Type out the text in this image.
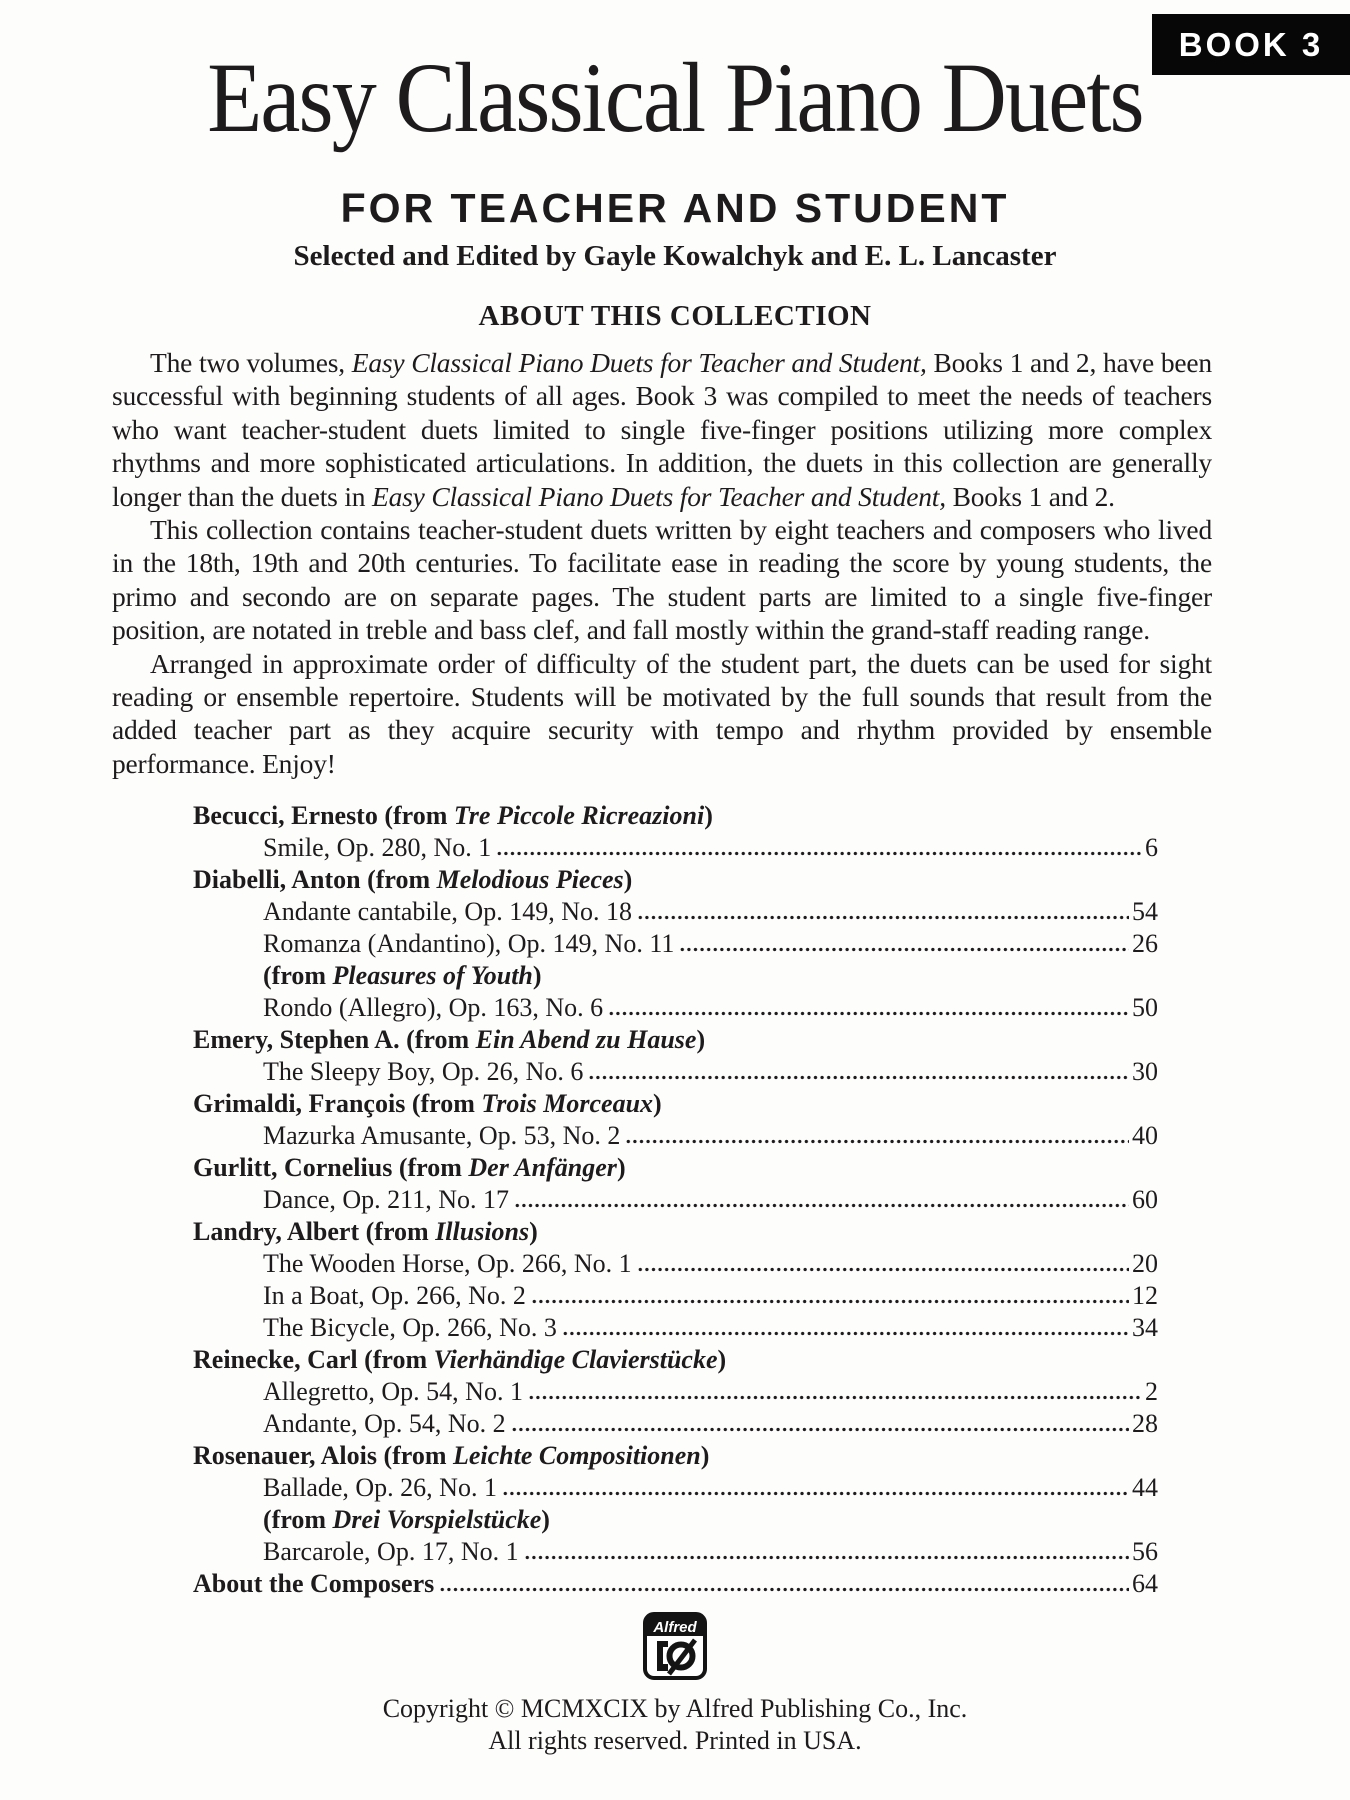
BOOK 3
Easy Classical Piano Duets
FOR TEACHER AND STUDENT
Selected and Edited by Gayle Kowalchyk and E. L. Lancaster
ABOUT THIS COLLECTION

The two volumes, Easy Classical Piano Duets for Teacher and Student, Books 1 and 2, have been successful with beginning students of all ages. Book 3 was compiled to meet the needs of teachers who want teacher-student duets limited to single five-finger positions utilizing more complex rhythms and more sophisticated articulations. In addition, the duets in this collection are generally longer than the duets in Easy Classical Piano Duets for Teacher and Student, Books 1 and 2.

This collection contains teacher-student duets written by eight teachers and composers who lived in the 18th, 19th and 20th centuries. To facilitate ease in reading the score by young students, the primo and secondo are on separate pages. The student parts are limited to a single five-finger position, are notated in treble and bass clef, and fall mostly within the grand-staff reading range.

Arranged in approximate order of difficulty of the student part, the duets can be used for sight reading or ensemble repertoire. Students will be motivated by the full sounds that result from the added teacher part as they acquire security with tempo and rhythm provided by ensemble performance. Enjoy!

Becucci, Ernesto (from Tre Piccole Ricreazioni)
Smile, Op. 280, No. 1	6
Diabelli, Anton (from Melodious Pieces)
Andante cantabile, Op. 149, No. 18	54
Romanza (Andantino), Op. 149, No. 11	26
(from Pleasures of Youth)
Rondo (Allegro), Op. 163, No. 6	50
Emery, Stephen A. (from Ein Abend zu Hause)
The Sleepy Boy, Op. 26, No. 6	30
Grimaldi, François (from Trois Morceaux)
Mazurka Amusante, Op. 53, No. 2	40
Gurlitt, Cornelius (from Der Anfänger)
Dance, Op. 211, No. 17	60
Landry, Albert (from Illusions)
The Wooden Horse, Op. 266, No. 1	20
In a Boat, Op. 266, No. 2	12
The Bicycle, Op. 266, No. 3	34
Reinecke, Carl (from Vierhändige Clavierstücke)
Allegretto, Op. 54, No. 1	2
Andante, Op. 54, No. 2	28
Rosenauer, Alois (from Leichte Compositionen)
Ballade, Op. 26, No. 1	44
(from Drei Vorspielstücke)
Barcarole, Op. 17, No. 1	56
About the Composers	64
Alfred
Copyright © MCMXCIX by Alfred Publishing Co., Inc.
All rights reserved. Printed in USA.
